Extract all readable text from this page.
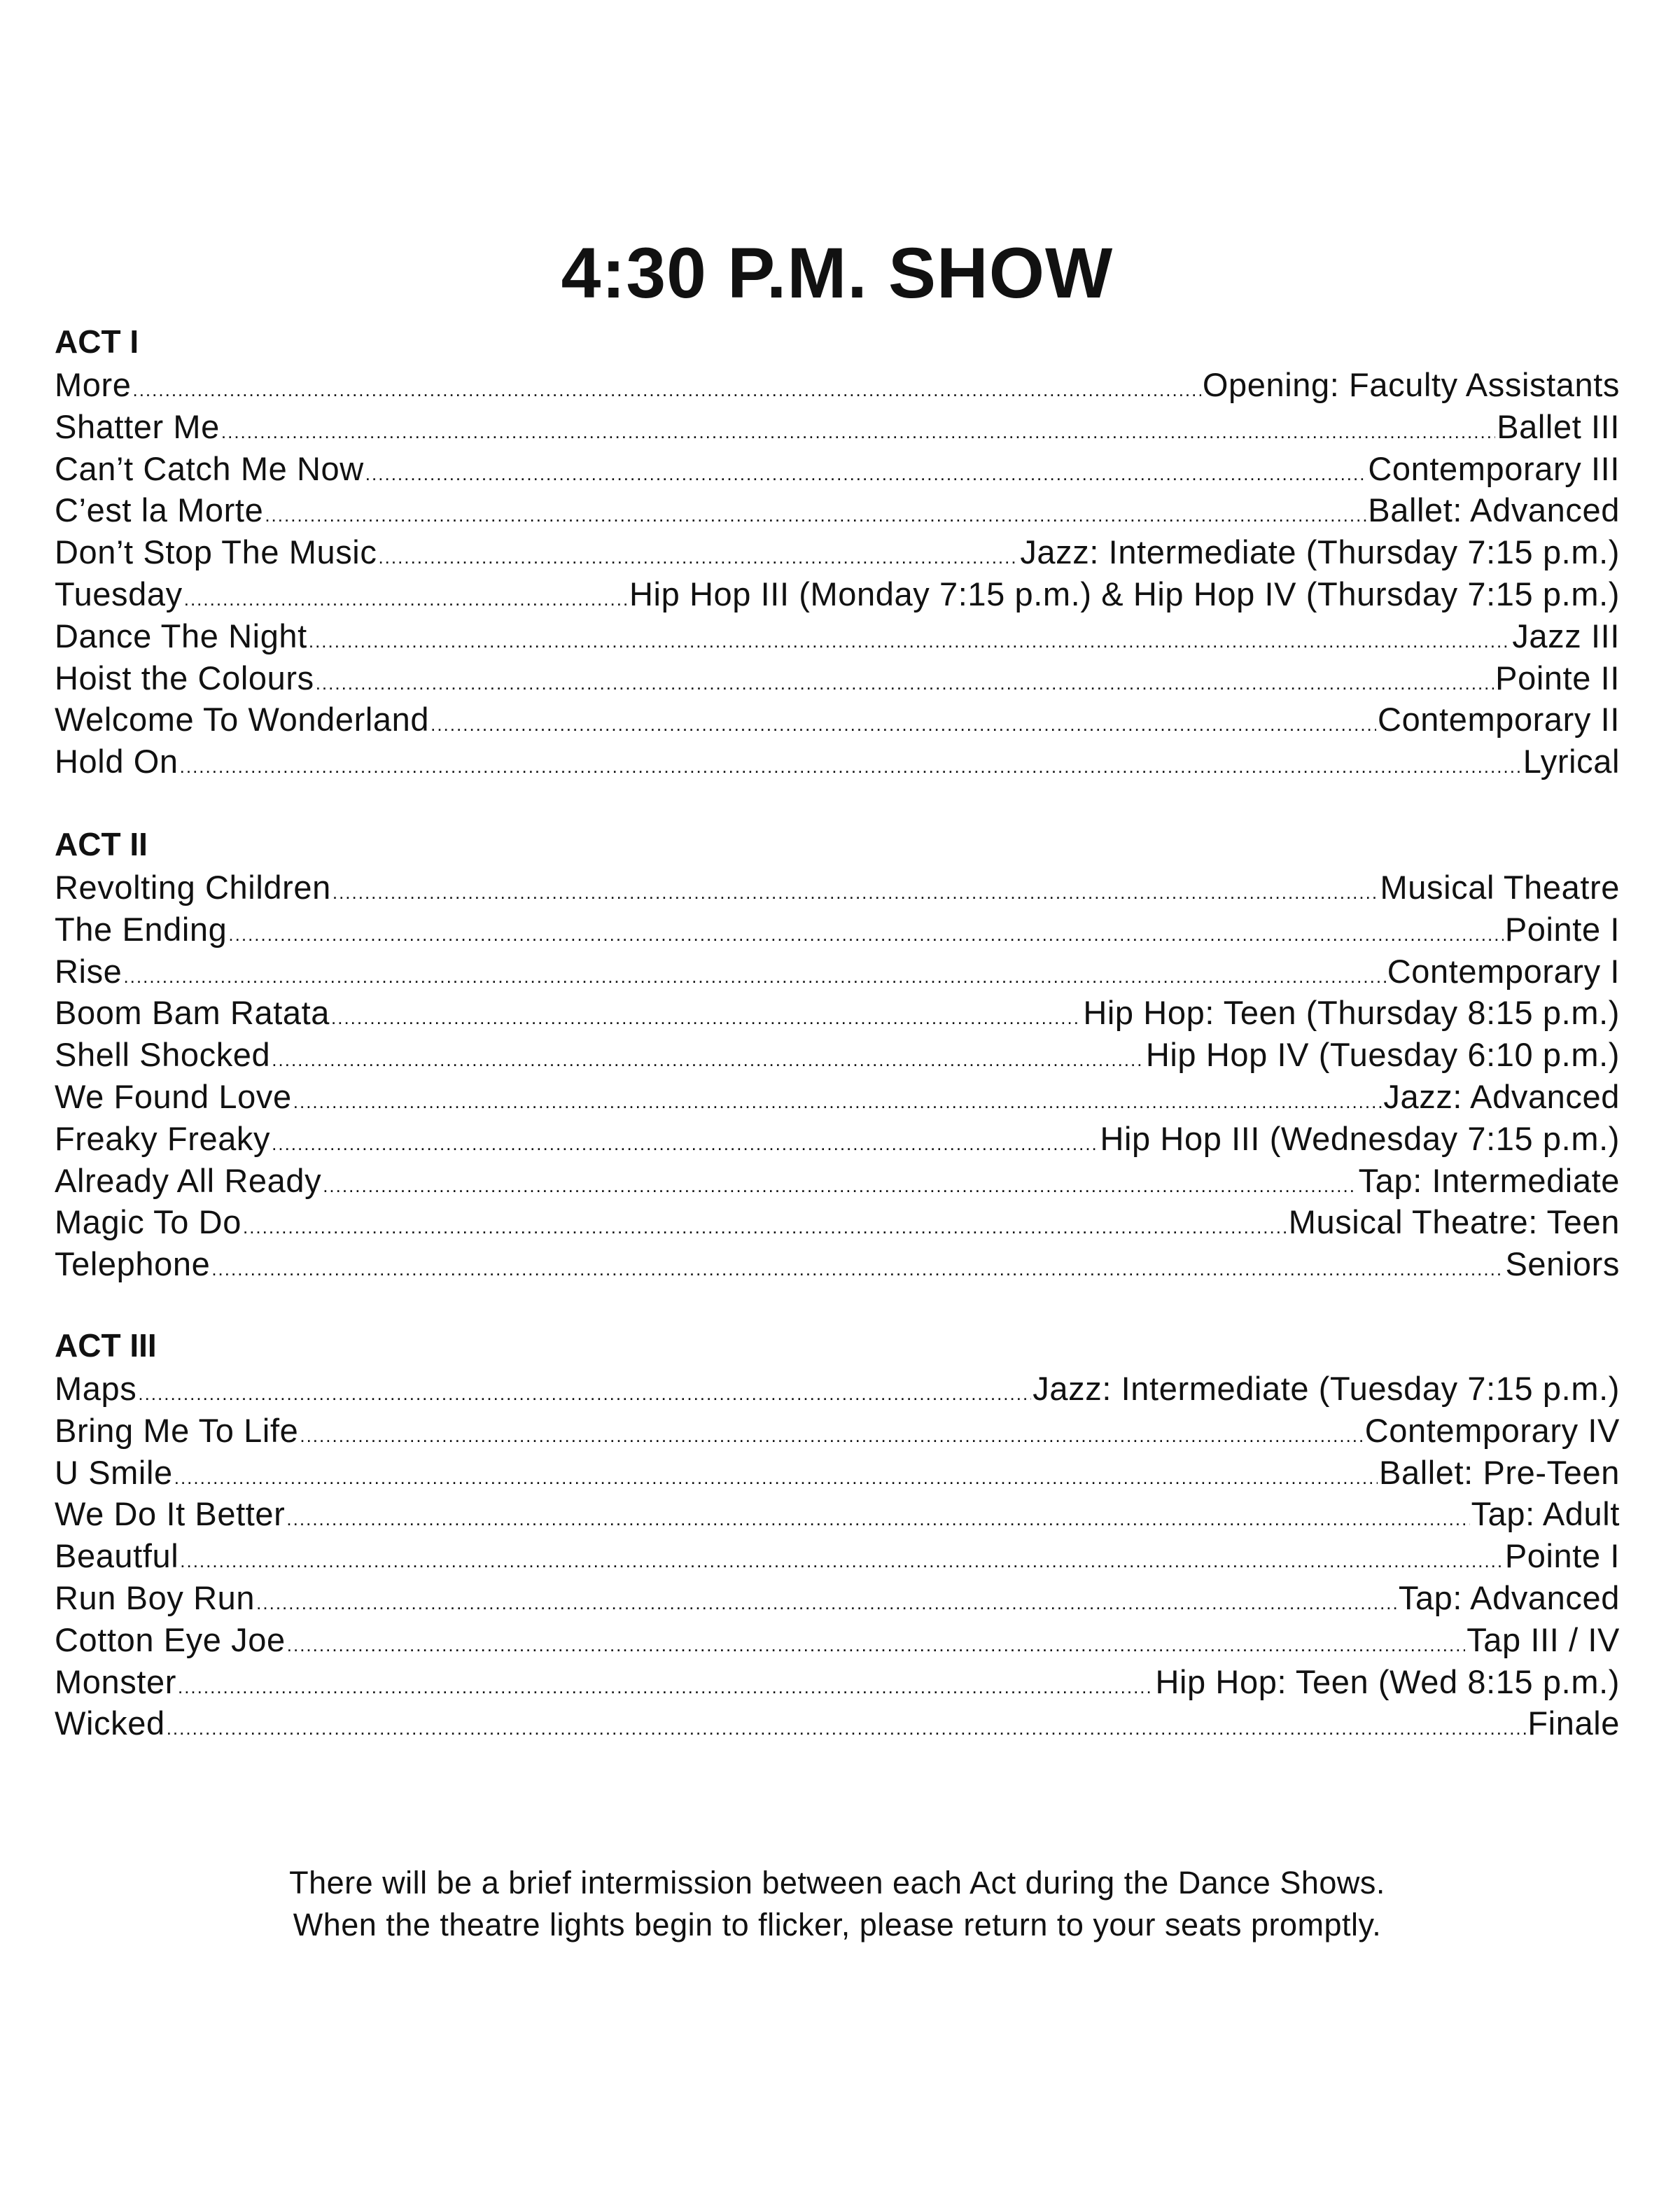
4:30 P.M. SHOW
ACT I
More .....	Opening: Faculty Assistants
Shatter Me .....	Ballet III
Can’t Catch Me Now .....	Contemporary III
C’est la Morte .....	Ballet: Advanced
Don’t Stop The Music .....	Jazz: Intermediate (Thursday 7:15 p.m.)
Tuesday .....	Hip Hop III (Monday 7:15 p.m.) & Hip Hop IV (Thursday 7:15 p.m.)
Dance The Night .....	Jazz III
Hoist the Colours .....	Pointe II
Welcome To Wonderland .....	Contemporary II
Hold On .....	Lyrical
ACT II
Revolting Children .....	Musical Theatre
The Ending .....	Pointe I
Rise .....	Contemporary I
Boom Bam Ratata .....	Hip Hop: Teen (Thursday 8:15 p.m.)
Shell Shocked .....	Hip Hop IV (Tuesday 6:10 p.m.)
We Found Love .....	Jazz: Advanced
Freaky Freaky .....	Hip Hop III (Wednesday 7:15 p.m.)
Already All Ready .....	Tap: Intermediate
Magic To Do .....	Musical Theatre: Teen
Telephone .....	Seniors
ACT III
Maps .....	Jazz: Intermediate (Tuesday 7:15 p.m.)
Bring Me To Life .....	Contemporary IV
U Smile .....	Ballet: Pre-Teen
We Do It Better .....	Tap: Adult
Beautful .....	Pointe I
Run Boy Run .....	Tap: Advanced
Cotton Eye Joe .....	Tap III / IV
Monster .....	Hip Hop: Teen (Wed 8:15 p.m.)
Wicked .....	Finale

There will be a brief intermission between each Act during the Dance Shows.

When the theatre lights begin to flicker, please return to your seats promptly.
